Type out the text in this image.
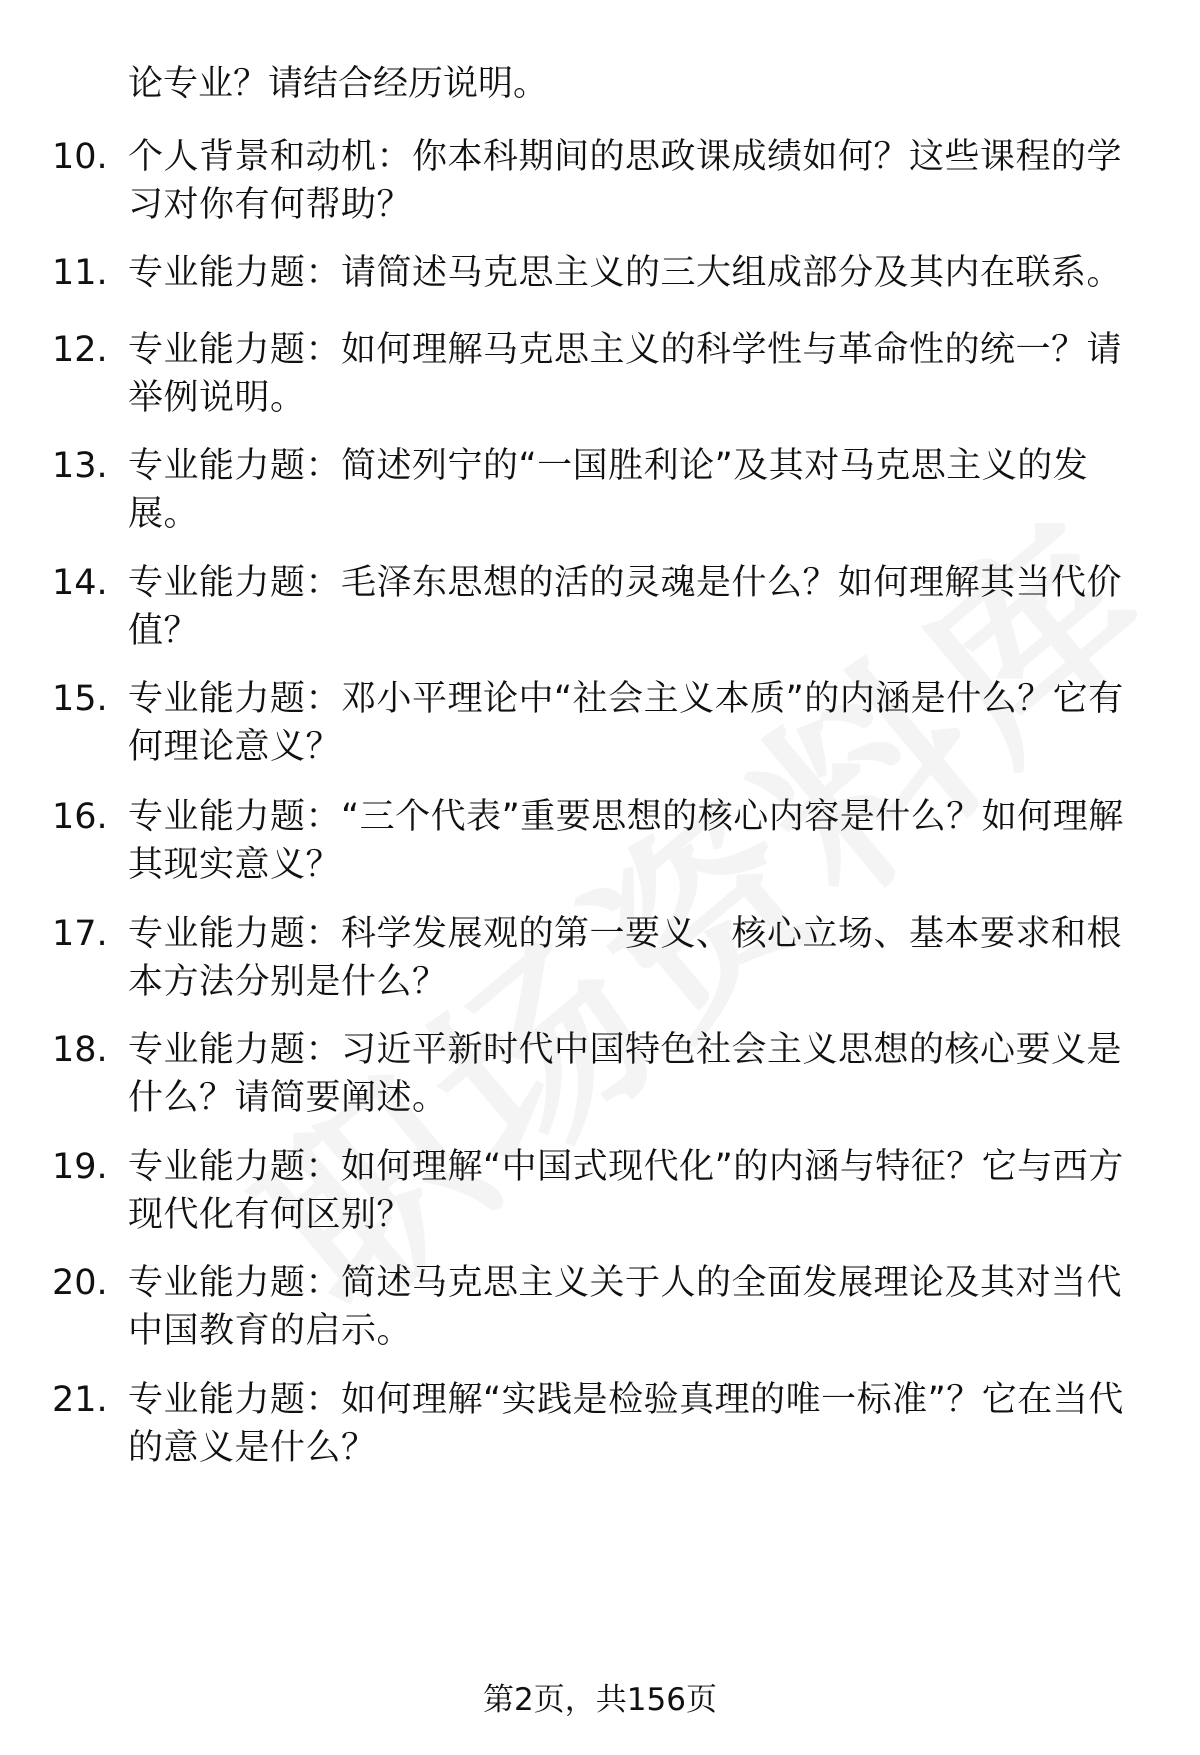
论专业？请结合经历说明。
10. 个人背景和动机：你本科期间的思政课成绩如何？这些课程的学习对你有何帮助？
11. 专业能力题：请简述马克思主义的三大组成部分及其内在联系。
12. 专业能力题：如何理解马克思主义的科学性与革命性的统一？请举例说明。
13. 专业能力题：简述列宁的“一国胜利论”及其对马克思主义的发展。
14. 专业能力题：毛泽东思想的活的灵魂是什么？如何理解其当代价值？
15. 专业能力题：邓小平理论中“社会主义本质”的内涵是什么？它有何理论意义？
16. 专业能力题：“三个代表”重要思想的核心内容是什么？如何理解其现实意义？
17. 专业能力题：科学发展观的第一要义、核心立场、基本要求和根本方法分别是什么？
18. 专业能力题：习近平新时代中国特色社会主义思想的核心要义是什么？请简要阐述。
19. 专业能力题：如何理解“中国式现代化”的内涵与特征？它与西方现代化有何区别？
20. 专业能力题：简述马克思主义关于人的全面发展理论及其对当代中国教育的启示。
21. 专业能力题：如何理解“实践是检验真理的唯一标准”？它在当代的意义是什么？
第2页，共156页
